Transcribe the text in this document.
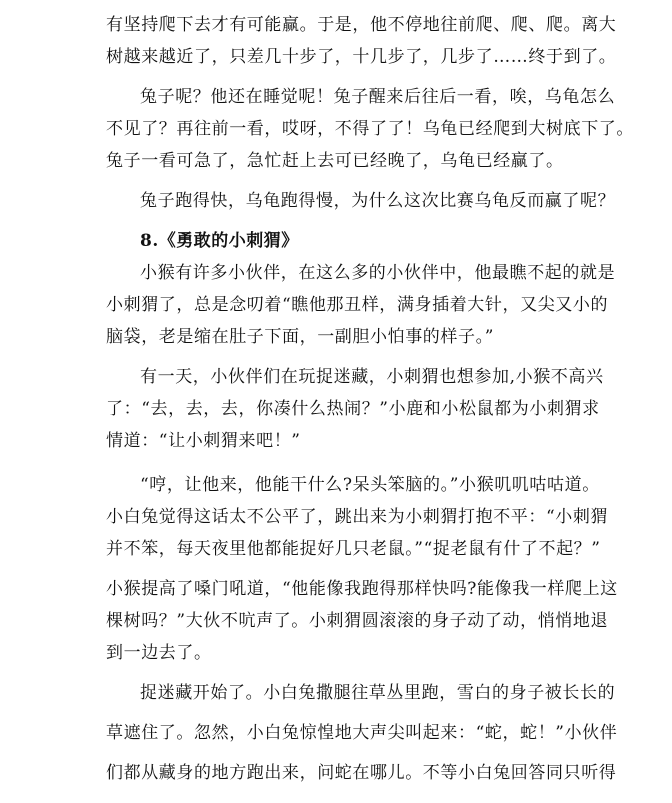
有坚持爬下去才有可能赢。于是，他不停地往前爬、爬、爬。离大
树越来越近了，只差几十步了，十几步了，几步了……终于到了。
兔子呢？他还在睡觉呢！兔子醒来后往后一看，唉，乌龟怎么
不见了？再往前一看，哎呀，不得了了！乌龟已经爬到大树底下了。
兔子一看可急了，急忙赶上去可已经晚了，乌龟已经赢了。
兔子跑得快，乌龟跑得慢，为什么这次比赛乌龟反而赢了呢？
8.《勇敢的小刺猬》
小猴有许多小伙伴，在这么多的小伙伴中，他最瞧不起的就是
小刺猬了，总是念叨着“瞧他那丑样，满身插着大针，又尖又小的
脑袋，老是缩在肚子下面，一副胆小怕事的样子。”
有一天，小伙伴们在玩捉迷藏，小刺猬也想参加,小猴不高兴
了：“去，去，去，你凑什么热闹？”小鹿和小松鼠都为小刺猬求
情道：“让小刺猬来吧！”
“哼，让他来，他能干什么?呆头笨脑的。”小猴叽叽咕咕道。
小白兔觉得这话太不公平了，跳出来为小刺猬打抱不平：“小刺猬
并不笨，每天夜里他都能捉好几只老鼠。”“捉老鼠有什了不起？”
小猴提高了嗓门吼道，“他能像我跑得那样快吗?能像我一样爬上这
棵树吗？”大伙不吭声了。小刺猬圆滚滚的身子动了动，悄悄地退
到一边去了。
捉迷藏开始了。小白兔撒腿往草丛里跑，雪白的身子被长长的
草遮住了。忽然，小白兔惊惶地大声尖叫起来：“蛇，蛇！”小伙伴
们都从藏身的地方跑出来，问蛇在哪儿。不等小白兔回答同只听得
